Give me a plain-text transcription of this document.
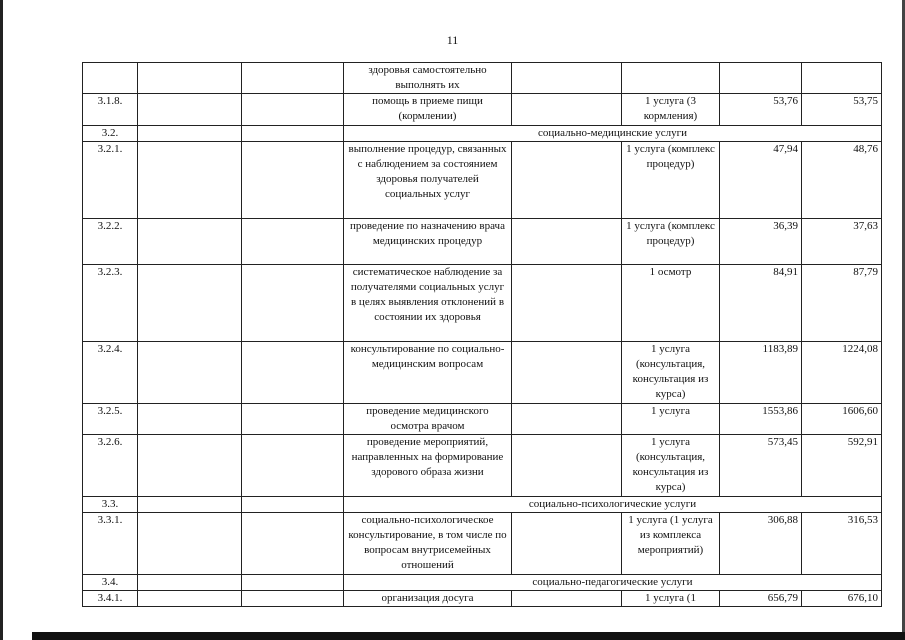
11
			здоровья самостоятельно выполнять их				
3.1.8.			помощь в приеме пищи (кормлении)		1 услуга (3 кормления)	53,76	53,75
3.2.			социально-медицинские услуги				
3.2.1.			выполнение процедур, связанных с наблюдением за состоянием здоровья получателей социальных услуг		1 услуга (комплекс процедур)	47,94	48,76
3.2.2.			проведение по назначению врача медицинских процедур		1 услуга (комплекс процедур)	36,39	37,63
3.2.3.			систематическое наблюдение за получателями социальных услуг в целях выявления отклонений в состоянии их здоровья		1 осмотр	84,91	87,79
3.2.4.			консультирование по социально-медицинским вопросам		1 услуга (консультация, консультация из курса)	1183,89	1224,08
3.2.5.			проведение медицинского осмотра врачом		1 услуга	1553,86	1606,60
3.2.6.			проведение мероприятий, направленных на формирование здорового образа жизни		1 услуга (консультация, консультация из курса)	573,45	592,91
3.3.			социально-психологические услуги				
3.3.1.			социально-психологическое консультирование, в том числе по вопросам внутрисемейных отношений		1 услуга (1 услуга из комплекса мероприятий)	306,88	316,53
3.4.			социально-педагогические услуги				
3.4.1.			организация досуга		1 услуга (1	656,79	676,10
